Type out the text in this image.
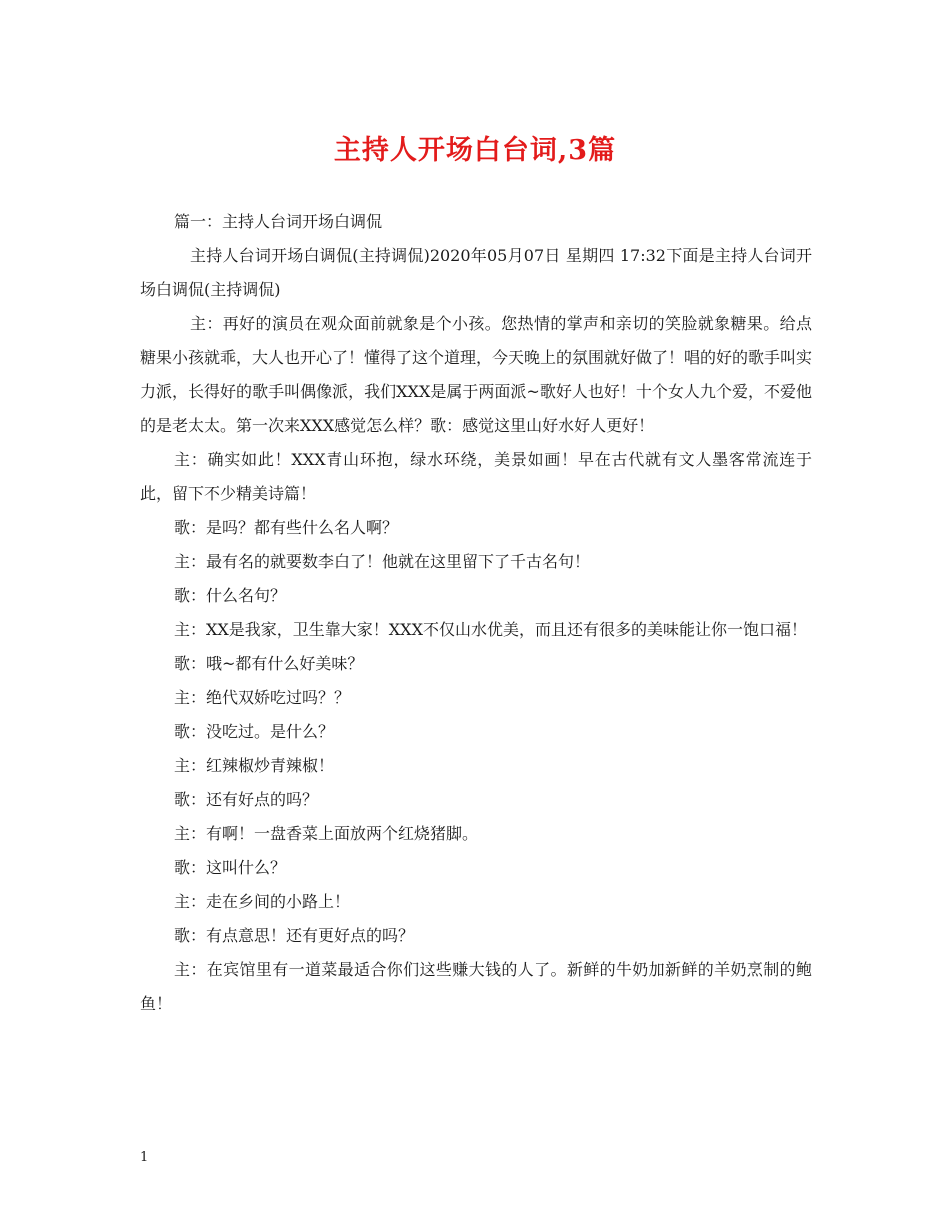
主持人开场白台词,3篇

篇一：主持人台词开场白调侃

主持人台词开场白调侃(主持调侃)2020年05月07日 星期四 17:32下面是主持人台词开场白调侃(主持调侃)

主：再好的演员在观众面前就象是个小孩。您热情的掌声和亲切的笑脸就象糖果。给点糖果小孩就乖，大人也开心了！懂得了这个道理，今天晚上的氛围就好做了！唱的好的歌手叫实力派，长得好的歌手叫偶像派，我们XXX是属于两面派~歌好人也好！十个女人九个爱，不爱他的是老太太。第一次来XXX感觉怎么样？歌：感觉这里山好水好人更好！

主：确实如此！XXX青山环抱，绿水环绕，美景如画！早在古代就有文人墨客常流连于此，留下不少精美诗篇！

歌：是吗？都有些什么名人啊？

主：最有名的就要数李白了！他就在这里留下了千古名句！

歌：什么名句？

主：XX是我家，卫生靠大家！XXX不仅山水优美，而且还有很多的美味能让你一饱口福！

歌：哦~都有什么好美味？

主：绝代双娇吃过吗？？

歌：没吃过。是什么？

主：红辣椒炒青辣椒！

歌：还有好点的吗？

主：有啊！一盘香菜上面放两个红烧猪脚。

歌：这叫什么？

主：走在乡间的小路上！

歌：有点意思！还有更好点的吗？

主：在宾馆里有一道菜最适合你们这些赚大钱的人了。新鲜的牛奶加新鲜的羊奶烹制的鲍鱼！

1
